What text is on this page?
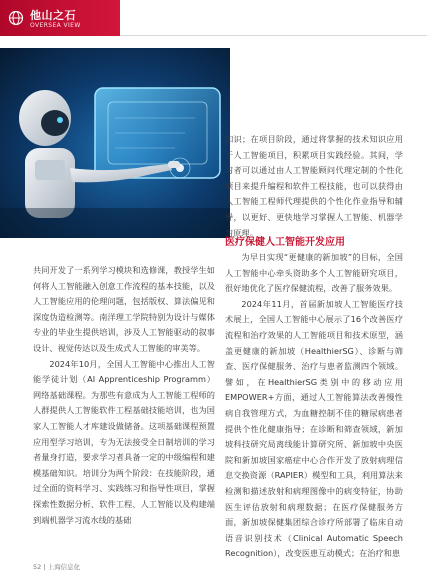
他山之石
OVERSEA VIEW

共同开发了一系列学习模块和选修课，教授学生如何将人工智能融入创意工作流程的基本技能，以及人工智能应用的伦理问题，包括版权、算法偏见和深度伪造检测等。南洋理工学院特别为设计与媒体专业的毕业生提供培训，涉及人工智能驱动的叙事设计、视觉传达以及生成式人工智能的审美等。

2024年10月，全国人工智能中心推出人工智能学徒计划（AI Apprenticeship Programm）网络基础课程。为那些有意成为人工智能工程师的人群提供人工智能软件工程基础技能培训，也为国家人工智能人才库建设做储备。这项基础课程预置应用型学习培训，专为无法接受全日制培训的学习者量身打造，要求学习者具备一定的中级编程和建模基础知识。培训分为两个阶段：在技能阶段，通过全面的资料学习、实践练习和指导性项目，掌握探索性数据分析、软件工程、人工智能以及构建端到端机器学习流水线的基础

知识；在项目阶段，通过将掌握的技术知识应用于人工智能项目，积累项目实践经验。其间，学习者可以通过由人工智能顾问代理定制的个性化项目来提升编程和软件工程技能，也可以获得由人工智能工程师代理提供的个性化作业指导和辅导，以更好、更快地学习掌握人工智能、机器学习原理。

医疗保健人工智能开发应用

为早日实现“更健康的新加坡”的目标，全国人工智能中心牵头资助多个人工智能研究项目，很好地优化了医疗保健流程，改善了服务效果。

2024年11月，首届新加坡人工智能医疗技术展上，全国人工智能中心展示了16个改善医疗流程和治疗效果的人工智能项目和技术原型，涵盖更健康的新加坡（HealthierSG）、诊断与筛查、医疗保健服务、治疗与患者监测四个领域。譬如，在HealthierSG类别中的移动应用EMPOWER+方面，通过人工智能算法改善慢性病自我管理方式，为血糖控制不佳的糖尿病患者提供个性化健康指导；在诊断和筛查领域，新加坡科技研究局离线能计算研究所、新加坡中央医院和新加坡国家癌症中心合作开发了放射病理信息交换资源（RAPIER）模型和工具，利用算法来检测和描述放射和病理图像中的病变特征，协助医生评估放射和病理数据；在医疗保健服务方面，新加坡保健集团综合诊疗所部署了临床自动语音识别技术（Clinical Automatic Speech Recognition），改变医患互动模式；在治疗和患

52 | 上海信息化
